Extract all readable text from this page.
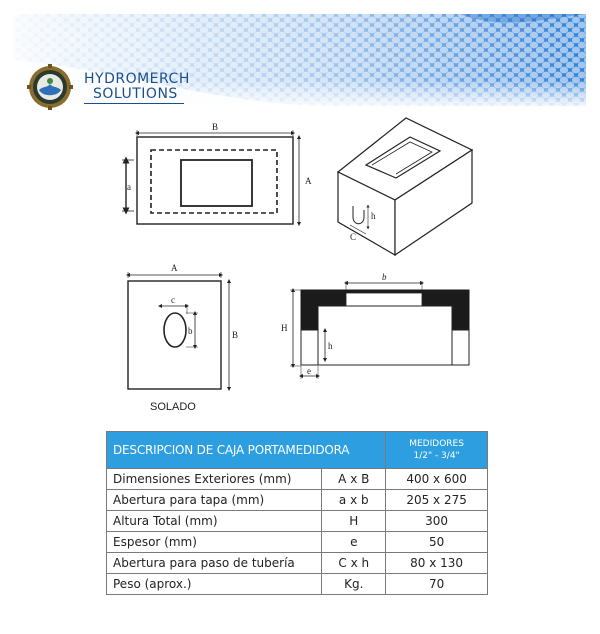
HYDROMERCH
SOLUTIONS
B
A
a
h
C
c
A
B
b
b
H
h
e
SOLADO
DESCRIPCION DE CAJA PORTAMEDIDORA		MEDIDORES
1/2" - 3/4"

Dimensiones Exteriores (mm)	A x B	400 x 600
Abertura para tapa (mm)	a x b	205 x 275
Altura Total (mm)	H	300
Espesor (mm)	e	50
Abertura para paso de tubería	C x h	80 x 130
Peso (aprox.)	Kg.	70
